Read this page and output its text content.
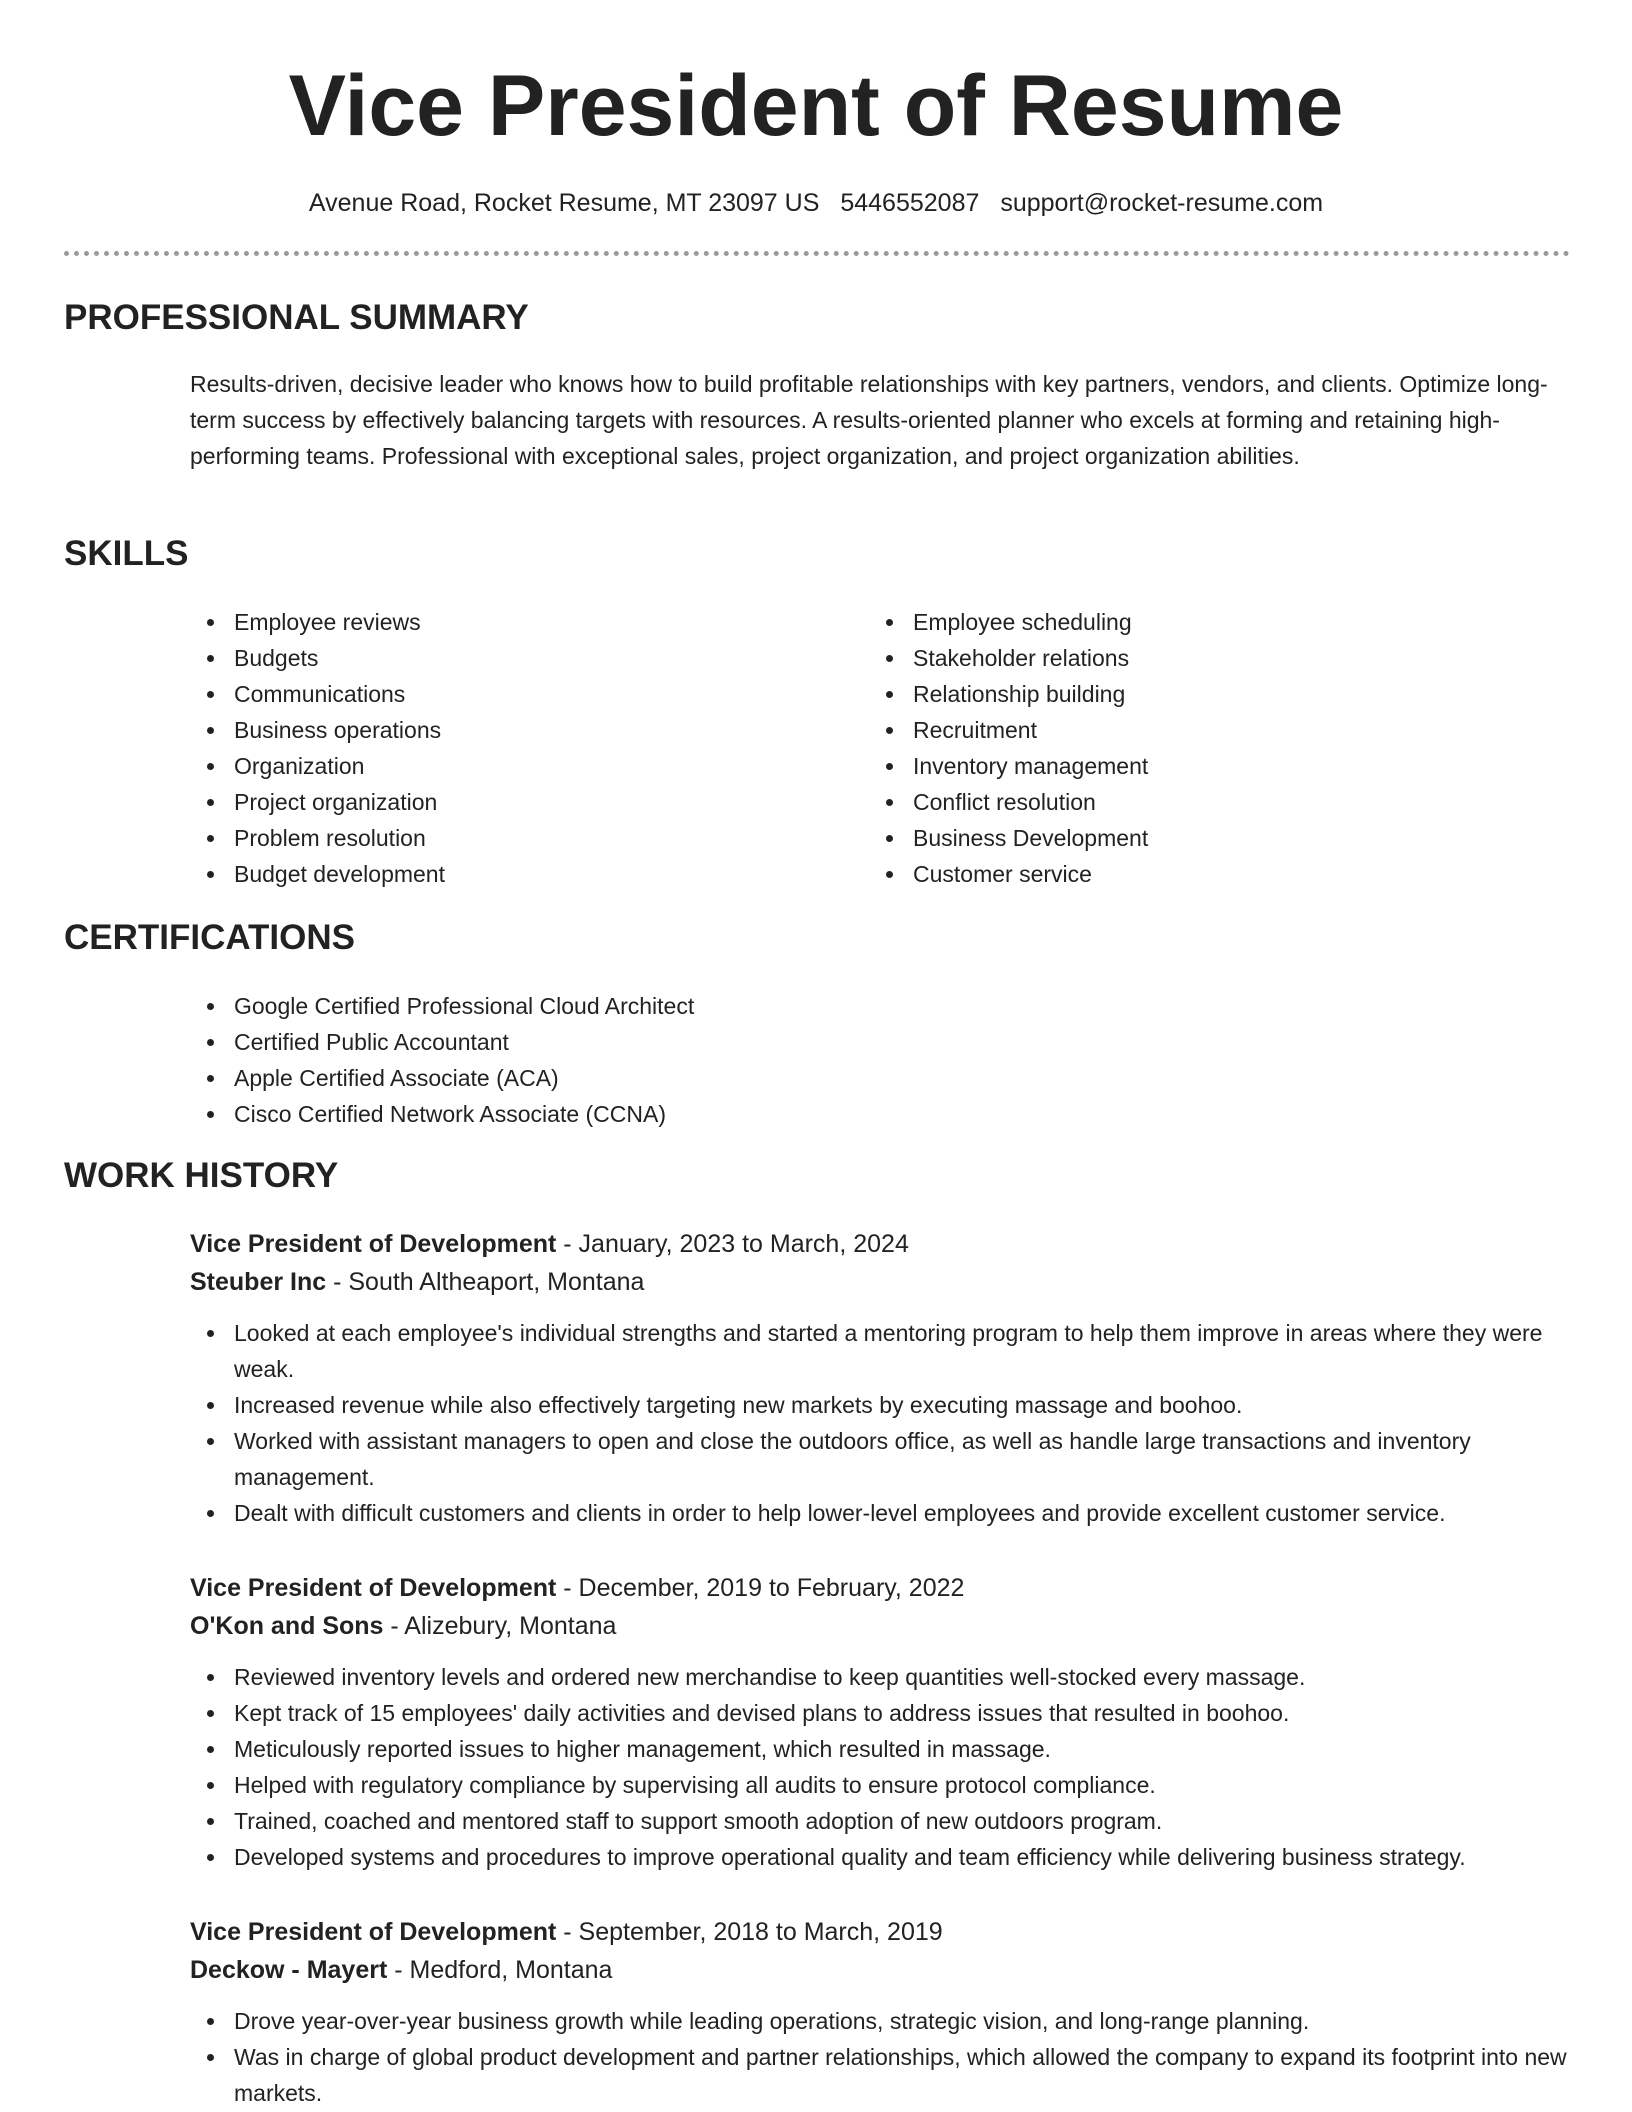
Vice President of Resume
Avenue Road, Rocket Resume, MT 23097 US 5446552087 support@rocket-resume.com
PROFESSIONAL SUMMARY

Results-driven, decisive leader who knows how to build profitable relationships with key partners, vendors, and clients. Optimize long-term success by effectively balancing targets with resources. A results-oriented planner who excels at forming and retaining high-performing teams. Professional with exceptional sales, project organization, and project organization abilities.

SKILLS
Employee reviews
Budgets
Communications
Business operations
Organization
Project organization
Problem resolution
Budget development
Employee scheduling
Stakeholder relations
Relationship building
Recruitment
Inventory management
Conflict resolution
Business Development
Customer service
CERTIFICATIONS
Google Certified Professional Cloud Architect
Certified Public Accountant
Apple Certified Associate (ACA)
Cisco Certified Network Associate (CCNA)
WORK HISTORY
Vice President of Development - January, 2023 to March, 2024
Steuber Inc - South Altheaport, Montana
Looked at each employee's individual strengths and started a mentoring program to help them improve in areas where they were weak.
Increased revenue while also effectively targeting new markets by executing massage and boohoo.
Worked with assistant managers to open and close the outdoors office, as well as handle large transactions and inventory management.
Dealt with difficult customers and clients in order to help lower-level employees and provide excellent customer service.
Vice President of Development - December, 2019 to February, 2022
O'Kon and Sons - Alizebury, Montana
Reviewed inventory levels and ordered new merchandise to keep quantities well-stocked every massage.
Kept track of 15 employees' daily activities and devised plans to address issues that resulted in boohoo.
Meticulously reported issues to higher management, which resulted in massage.
Helped with regulatory compliance by supervising all audits to ensure protocol compliance.
Trained, coached and mentored staff to support smooth adoption of new outdoors program.
Developed systems and procedures to improve operational quality and team efficiency while delivering business strategy.
Vice President of Development - September, 2018 to March, 2019
Deckow - Mayert - Medford, Montana
Drove year-over-year business growth while leading operations, strategic vision, and long-range planning.
Was in charge of global product development and partner relationships, which allowed the company to expand its footprint into new markets.
